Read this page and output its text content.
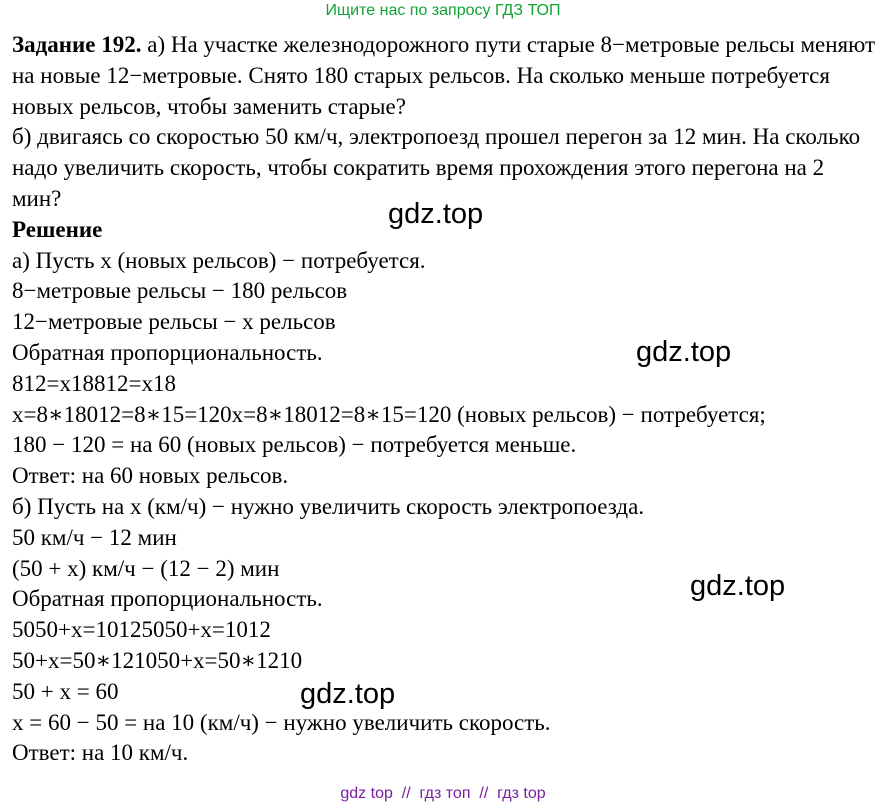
Ищите нас по запросу ГДЗ ТОП
Задание 192. а) На участке железнодорожного пути старые 8−метровые рельсы меняют на новые 12−метровые. Снято 180 старых рельсов. На сколько меньше потребуется новых рельсов, чтобы заменить старые?
б) двигаясь со скоростью 50 км/ч, электропоезд прошел перегон за 12 мин. На сколько надо увеличить скорость, чтобы сократить время прохождения этого перегона на 2 мин?
Решение
а) Пусть x (новых рельсов) − потребуется.
8−метровые рельсы − 180 рельсов
12−метровые рельсы − x рельсов
Обратная пропорциональность.
812=x18812=x18
x=8∗18012=8∗15=120x=8∗18012=8∗15=120 (новых рельсов) − потребуется;
180 − 120 = на 60 (новых рельсов) − потребуется меньше.
Ответ: на 60 новых рельсов.
б) Пусть на x (км/ч) − нужно увеличить скорость электропоезда.
50 км/ч − 12 мин
(50 + x) км/ч − (12 − 2) мин
Обратная пропорциональность.
5050+x=10125050+x=1012
50+x=50∗121050+x=50∗1210
50 + x = 60
x = 60 − 50 = на 10 (км/ч) − нужно увеличить скорость.
Ответ: на 10 км/ч.
gdz.top
gdz.top
gdz.top
gdz.top
gdz top  //  гдз топ  //  гдз top
